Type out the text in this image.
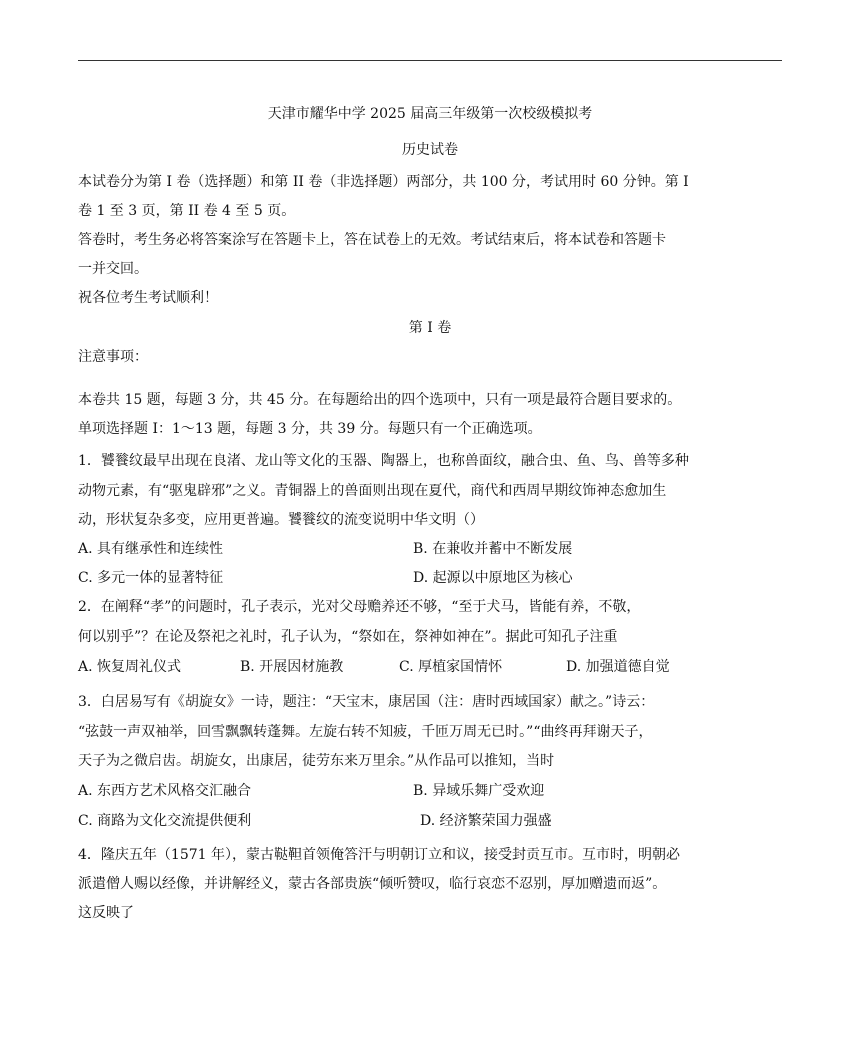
天津市耀华中学 2025 届高三年级第一次校级模拟考
历史试卷
本试卷分为第 I 卷（选择题）和第 II 卷（非选择题）两部分，共 100 分，考试用时 60 分钟。第 I
卷 1 至 3 页，第 II 卷 4 至 5 页。
答卷时，考生务必将答案涂写在答题卡上，答在试卷上的无效。考试结束后，将本试卷和答题卡
一并交回。
祝各位考生考试顺利！
第 I 卷
注意事项：
本卷共 15 题，每题 3 分，共 45 分。在每题给出的四个选项中，只有一项是最符合题目要求的。
单项选择题 I：1～13 题，每题 3 分，共 39 分。每题只有一个正确选项。
1．饕餮纹最早出现在良渚、龙山等文化的玉器、陶器上，也称兽面纹，融合虫、鱼、鸟、兽等多种
动物元素，有“驱鬼辟邪”之义。青铜器上的兽面则出现在夏代，商代和西周早期纹饰神态愈加生
动，形状复杂多变，应用更普遍。饕餮纹的流变说明中华文明（）
A. 具有继承性和连续性	B. 在兼收并蓄中不断发展
C. 多元一体的显著特征	D. 起源以中原地区为核心
2．在阐释“孝”的问题时，孔子表示，光对父母赡养还不够，“至于犬马，皆能有养，不敬，
何以别乎”？在论及祭祀之礼时，孔子认为，“祭如在，祭神如神在”。据此可知孔子注重
A. 恢复周礼仪式	B. 开展因材施教	C. 厚植家国情怀	D. 加强道德自觉
3．白居易写有《胡旋女》一诗，题注：“天宝末，康居国（注：唐时西域国家）献之。”诗云：
“弦鼓一声双袖举，回雪飘飘转蓬舞。左旋右转不知疲，千匝万周无已时。”“曲终再拜谢天子，
天子为之微启齿。胡旋女，出康居，徒劳东来万里余。”从作品可以推知，当时
A. 东西方艺术风格交汇融合	B. 异域乐舞广受欢迎
C. 商路为文化交流提供便利	D. 经济繁荣国力强盛
4．隆庆五年（1571 年），蒙古鞑靼首领俺答汗与明朝订立和议，接受封贡互市。互市时，明朝必
派遣僧人赐以经像，并讲解经义，蒙古各部贵族“倾听赞叹，临行哀恋不忍别，厚加赠遗而返”。
这反映了
